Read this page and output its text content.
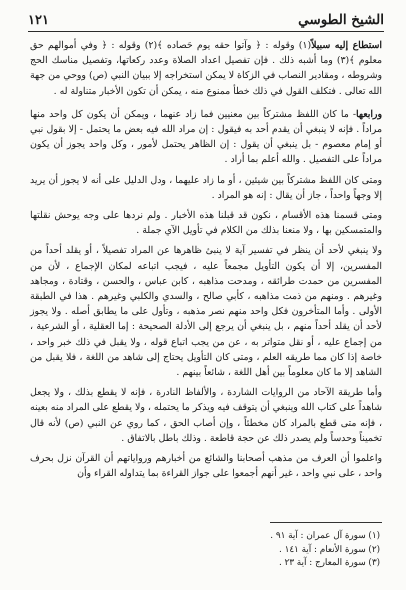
الشيخ الطوسي
١٢١

استطاع إليه سبيلاً(١) وقوله : ﴿ وآتوا حقه يوم حَصاده ﴾(٢) وقوله : ﴿ وفي أموالهم حق معلوم ﴾(٣) وما أشبه ذلك . فإن تفصيل اعداد الصلاة وعدد ركعاتها، وتفصيل مناسك الحج وشروطه ، ومقادير النصاب في الزكاة لا يمكن استخراجه إلا ببيان النبي (ص) ووحي من جهة الله تعالى . فتكلف القول في ذلك خطأ ممنوع منه ، يمكن أن تكون الأخبار متناولة له .

ورابعها- ما كان اللفظ مشتركاً بين معنيين فما زاد عنهما ، ويمكن أن يكون كل واحد منها مراداً . فإنه لا ينبغي أن يقدم أحد به فيقول : إن مراد الله فيه بعض ما يحتمل - إلا بقول نبي أو إمام معصوم - بل ينبغي أن يقول : إن الظاهر يحتمل لأمور ، وكل واحد يجوز أن يكون مراداً على التفصيل . والله أعلم بما أراد .

ومتى كان اللفظ مشتركاً بين شيئين ، أو ما زاد عليهما ، ودل الدليل على أنه لا يجوز أن يريد إلا وجهاً واحداً ، جاز أن يقال : إنه هو المراد .

ومتى قسمنا هذه الأقسام ، نكون قد قبلنا هذه الأخبار . ولم نردها على وجه يوحش نقلتها والمتمسكين بها ، ولا منعنا بذلك من الكلام في تأويل الآي جملة .

ولا ينبغي لأحد أن ينظر في تفسير آية لا ينبئ ظاهرها عن المراد تفصيلاً ، أو يقلد أحداً من المفسرين، إلا أن يكون التأويل مجمعاً عليه ، فيجب اتباعه لمكان الإجماع ، لأن من المفسرين من حمدت طرائقه ، ومدحت مذاهبه ، كابن عباس ، والحسن ، وقتادة ، ومجاهد وغيرهم . ومنهم من ذمت مذاهبه ، كأبي صالح ، والسدي والكلبي وغيرهم . هذا في الطبقة الأولى . وأما المتأخرون فكل واحد منهم نصر مذهبه ، وتأول على ما يطابق أصله . ولا يجوز لأحد أن يقلد أحداً منهم ، بل ينبغي أن يرجع إلى الأدلة الصحيحة : إما العقلية ، أو الشرعية ، من إجماع عليه ، أو نقل متواتر به ، عن من يجب اتباع قوله ، ولا يقبل في ذلك خبر واحد ، خاصة إذا كان مما طريقه العلم ، ومتى كان التأويل يحتاج إلى شاهد من اللغة ، فلا يقبل من الشاهد إلا ما كان معلوماً بين أهل اللغة ، شائعاً بينهم .

وأما طريقة الآحاد من الروايات الشاردة ، والألفاظ النادرة ، فإنه لا يقطع بذلك ، ولا يجعل شاهداً على كتاب الله وينبغي أن يتوقف فيه ويذكر ما يحتمله ، ولا يقطع على المراد منه بعينه ، فإنه متى قطع بالمراد كان مخطئاً ، وإن أصاب الحق ، كما روي عن النبي (ص) لأنه قال تخميناً وحدساً ولم يصدر ذلك عن حجة قاطعة . وذلك باطل بالاتفاق .

واعلموا أن العرف من مذهب أصحابنا والشائع من أخبارهم ورواياتهم أن القرآن نزل بحرف واحد ، على نبي واحد ، غير أنهم أجمعوا على جواز القراءة بما يتداوله القراء وأن

(١) سورة آل عمران : آية ٩١ .
(٢) سورة الأنعام : آية ١٤١ .
(٣) سورة المعارج : آية ٢٣ .
